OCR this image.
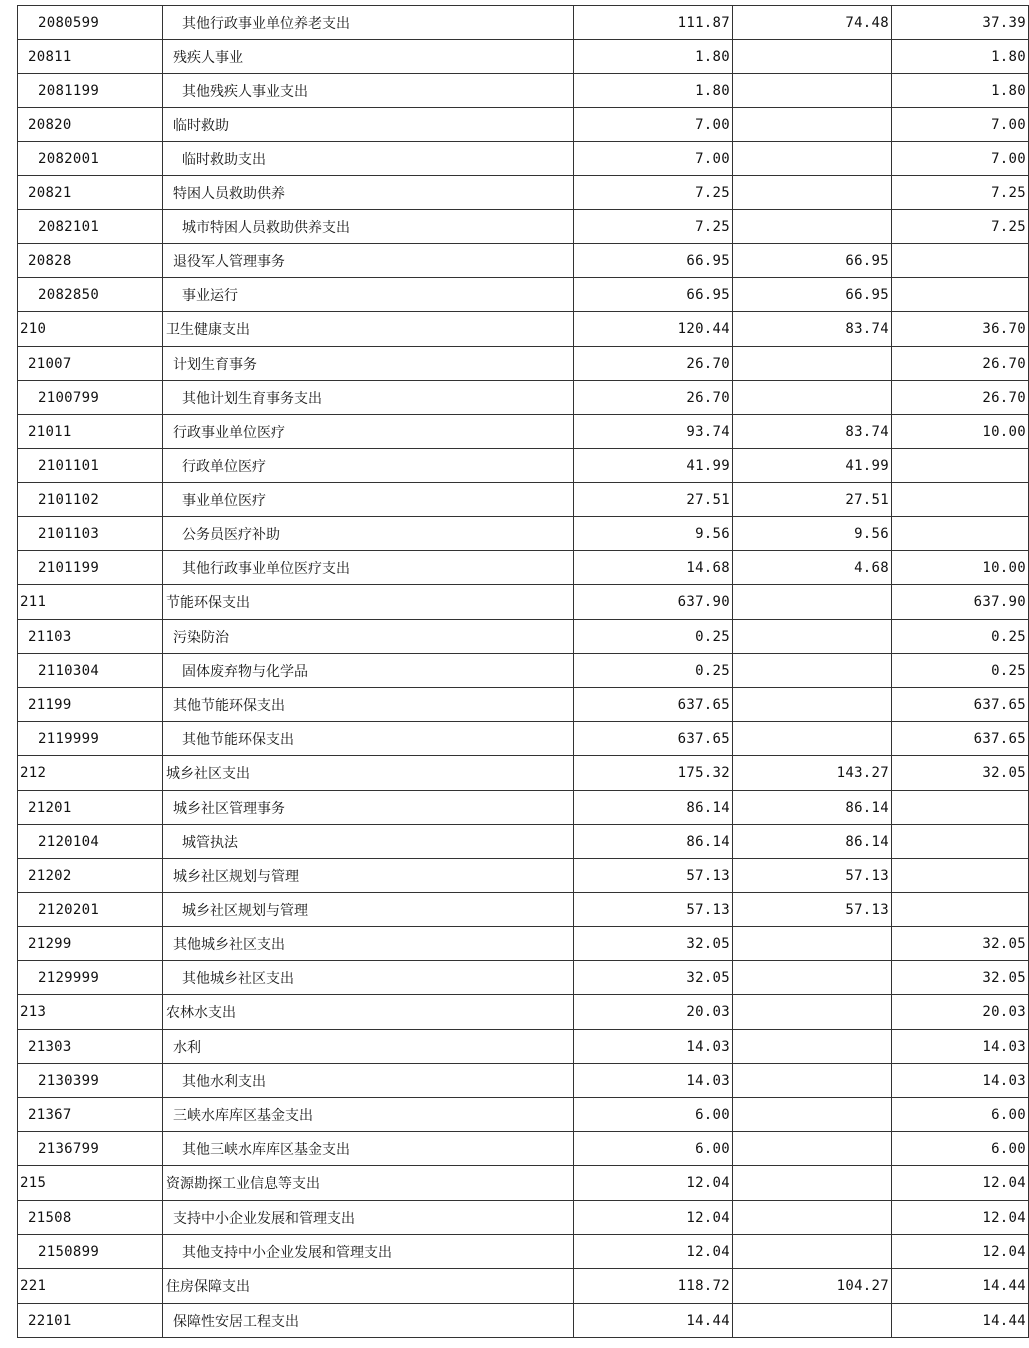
2080599	其他行政事业单位养老支出	111.87	74.48	37.39
20811	残疾人事业	1.80		1.80
2081199	其他残疾人事业支出	1.80		1.80
20820	临时救助	7.00		7.00
2082001	临时救助支出	7.00		7.00
20821	特困人员救助供养	7.25		7.25
2082101	城市特困人员救助供养支出	7.25		7.25
20828	退役军人管理事务	66.95	66.95	
2082850	事业运行	66.95	66.95	
210	卫生健康支出	120.44	83.74	36.70
21007	计划生育事务	26.70		26.70
2100799	其他计划生育事务支出	26.70		26.70
21011	行政事业单位医疗	93.74	83.74	10.00
2101101	行政单位医疗	41.99	41.99	
2101102	事业单位医疗	27.51	27.51	
2101103	公务员医疗补助	9.56	9.56	
2101199	其他行政事业单位医疗支出	14.68	4.68	10.00
211	节能环保支出	637.90		637.90
21103	污染防治	0.25		0.25
2110304	固体废弃物与化学品	0.25		0.25
21199	其他节能环保支出	637.65		637.65
2119999	其他节能环保支出	637.65		637.65
212	城乡社区支出	175.32	143.27	32.05
21201	城乡社区管理事务	86.14	86.14	
2120104	城管执法	86.14	86.14	
21202	城乡社区规划与管理	57.13	57.13	
2120201	城乡社区规划与管理	57.13	57.13	
21299	其他城乡社区支出	32.05		32.05
2129999	其他城乡社区支出	32.05		32.05
213	农林水支出	20.03		20.03
21303	水利	14.03		14.03
2130399	其他水利支出	14.03		14.03
21367	三峡水库库区基金支出	6.00		6.00
2136799	其他三峡水库库区基金支出	6.00		6.00
215	资源勘探工业信息等支出	12.04		12.04
21508	支持中小企业发展和管理支出	12.04		12.04
2150899	其他支持中小企业发展和管理支出	12.04		12.04
221	住房保障支出	118.72	104.27	14.44
22101	保障性安居工程支出	14.44		14.44
